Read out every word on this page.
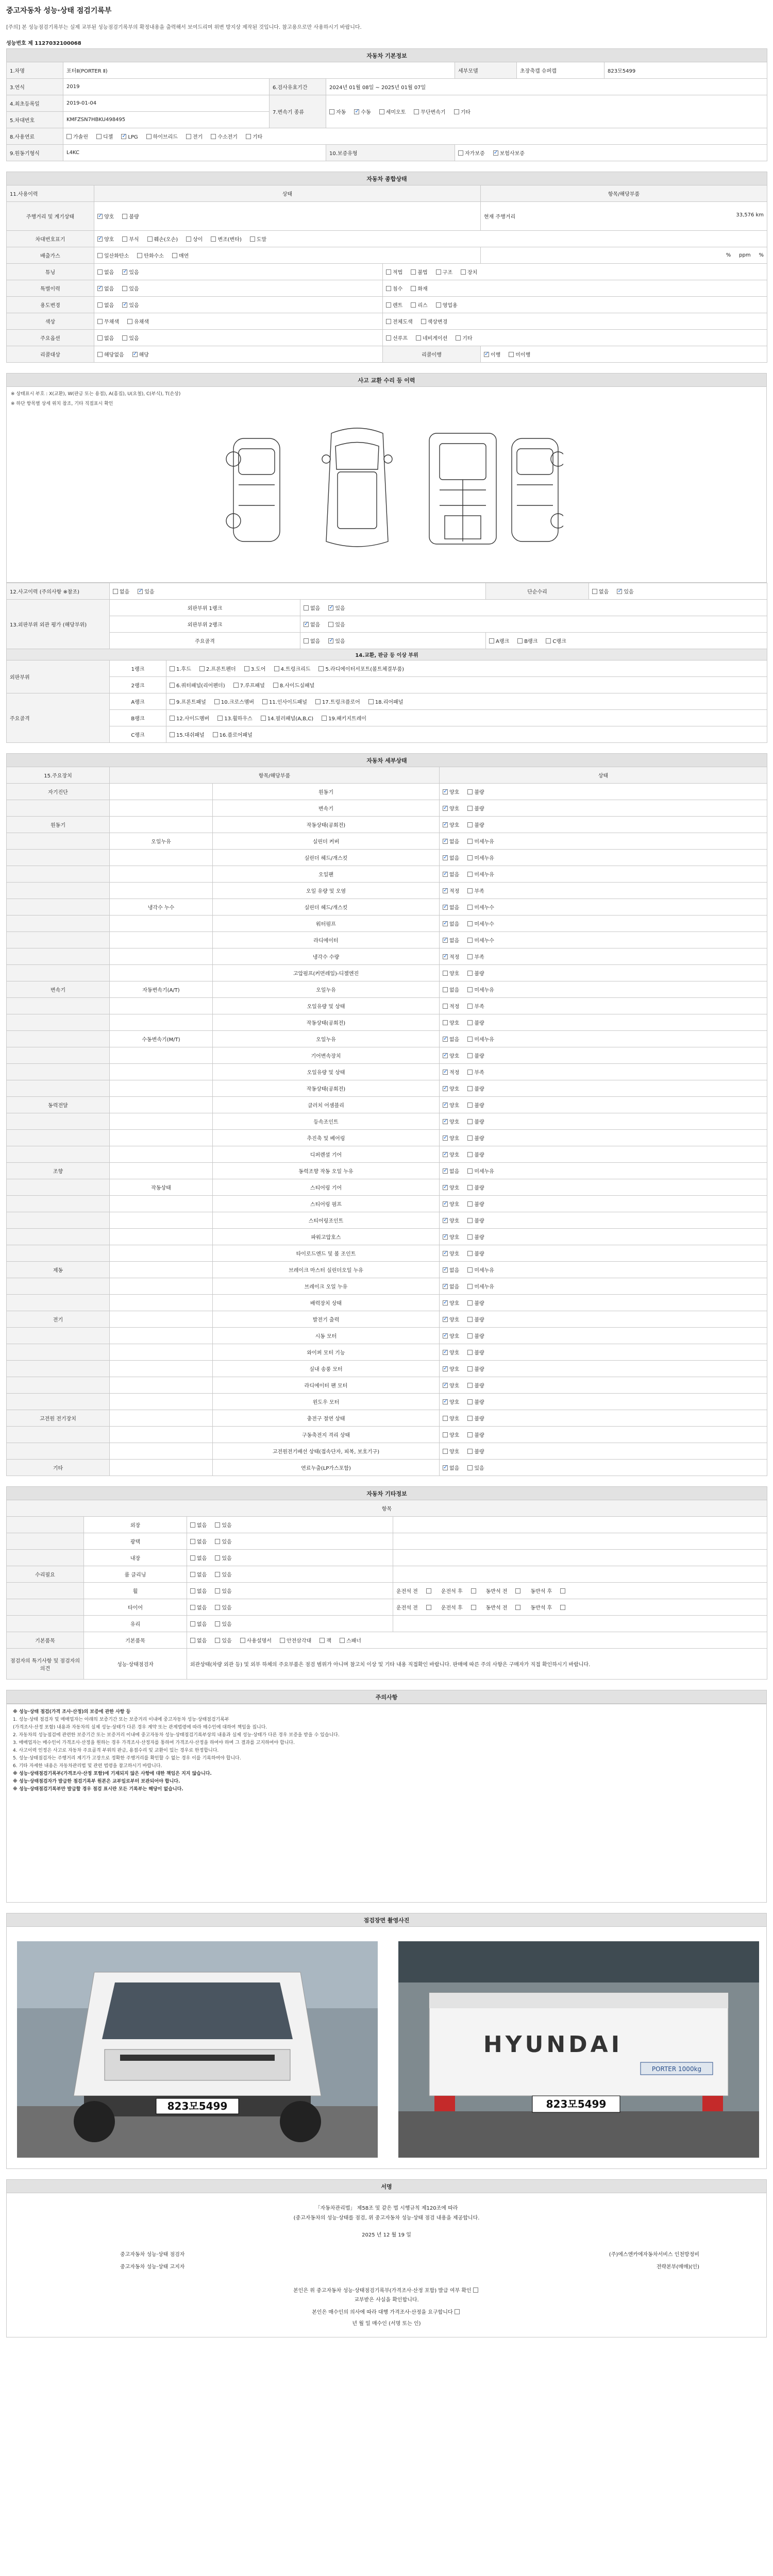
중고자동차 성능·상태 점검기록부
[주의] 본 성능점검기록부는 실제 교부된 성능점검기록부의 확정내용을 출력해서 보여드리며 위변 방지상 제작된 것입니다. 참고용으로만 사용하시기 바랍니다.
성능번호 제 1127032100068
자동차 기본정보						
1.차명	포터Ⅱ(PORTER Ⅱ)			세부모델	초장축캡 슈퍼캡	823모5499
3.연식	2019	6.검사유효기간	2024년 01월 08일 ~ 2025년 01월 07일			
4.최초등록일	2019-01-04	7.변속기 종류	자동 ✓ 수동 세미오토 무단변속기 기타
5.차대번호	KMFZSN7HBKU498495					
8.사용연료	가솔린 디젤 ✓ LPG 하이브리드 전기 수소전기 기타
9.원동기형식	L4KC		10.보증유형	자가보증 ✓ 보험사보증
자동차 종합상태			
11.사용이력	상태		항목/해당부품
주행거리 및 계기상태	✓양호 불량		현재 주행거리 33,576 km

차대번호표기	✓양호 부식 훼손(오손) 상이 변조(변타) 도말
배출가스	일산화탄소 탄화수소 매연		% ppm %
튜닝	없음 ✓ 있음	적법 불법 구조 장치	
특별이력	✓없음 있음	침수 화재	
용도변경	없음 ✓ 있음	렌트 리스 영업용	
색상	무채색 유채색	전체도색 색상변경	
주요옵션	없음 있음	선루프 네비게이션 기타	
리콜대상	해당없음 ✓ 해당	리콜이행	✓이행 미이행
사고 교환 수리 등 이력
※ 상태표시 부호 : X(교환), W(판금 또는 용접), A(흠집), U(요철), C(부식), T(손상)
※ 하단 항목별 상세 위치 참조, 기타 직접표시 확인
12.사고이력 (주의사항 ※참조)	없음 ✓ 있음			단순수리	없음 ✓ 있음
13.외판부위 외관 평가 (해당부위)	외판부위 1랭크		없음 ✓ 있음
	외판부위 2랭크	✓없음 있음
	주요골격		없음 ✓ 있음	A랭크 B랭크 C랭크	
14.교환, 판금 등 이상 부위					
외판부위	1랭크	1.후드 2.프론트펜더 3.도어 4.트렁크리드 5.라디에이터서포트(볼트체결부품)			
	2랭크	6.쿼터패널(리어펜더) 7.루프패널 8.사이드실패널			
주요골격	A랭크	9.프론트패널 10.크로스멤버 11.인사이드패널 17.트렁크플로어 18.리어패널			
	B랭크	12.사이드멤버 13.휠하우스 14.필러패널(A,B,C) 19.패키지트레이			
	C랭크	15.대쉬패널 16.플로어패널			
자동차 세부상태			
15.주요장치	항목/해당부품		상태
자기진단		원동기	✓양호 불량
		변속기	✓양호 불량
원동기		작동상태(공회전)	✓양호 불량
	오일누유	실린더 커버	✓없음 미세누유
		실린더 헤드/개스킷	✓없음 미세누유
		오일팬	✓없음 미세누유
		오일 유량 및 오염	✓적정 부족
	냉각수 누수	실린더 헤드/개스킷	✓없음 미세누수
		워터펌프	✓없음 미세누수
		라디에이터	✓없음 미세누수
		냉각수 수량	✓적정 부족
		고압펌프(커먼레일)-디젤엔진	양호 불량
변속기	자동변속기(A/T)	오일누유	없음 미세누유
		오일유량 및 상태	적정 부족
		작동상태(공회전)	양호 불량
	수동변속기(M/T)	오일누유	✓없음 미세누유
		기어변속장치	✓양호 불량
		오일유량 및 상태	✓적정 부족
		작동상태(공회전)	✓양호 불량
동력전달		클러치 어셈블리	✓양호 불량
		등속조인트	✓양호 불량
		추진축 및 베어링	✓양호 불량
		디퍼렌셜 기어	✓양호 불량
조향		동력조향 작동 오일 누유	✓없음 미세누유
	작동상태	스티어링 기어	✓양호 불량
		스티어링 펌프	✓양호 불량
		스티어링조인트	✓양호 불량
		파워고압호스	✓양호 불량
		타이로드엔드 및 볼 조인트	✓양호 불량
제동		브레이크 마스터 실린더오일 누유	✓없음 미세누유
		브레이크 오일 누유	✓없음 미세누유
		배력장치 상태	✓양호 불량
전기		발전기 출력	✓양호 불량
		시동 모터	✓양호 불량
		와이퍼 모터 기능	✓양호 불량
		실내 송풍 모터	✓양호 불량
		라디에이터 팬 모터	✓양호 불량
		윈도우 모터	✓양호 불량
고전원 전기장치		충전구 절연 상태	양호 불량
		구동축전지 격리 상태	양호 불량
		고전원전기배선 상태(접속단자, 피복, 보호기구)	양호 불량
기타		연료누출(LP가스포함)	✓없음 있음
자동차 기타정보			
항목			
	외장	없음 있음	
	광택	없음 있음	
	내장	없음 있음	
수리필요	룸 클리닝	없음 있음	
	휠	없음 있음	운전석 전 운전석 후 동반석 전 동반석 후
	타이어	없음 있음	운전석 전 운전석 후 동반석 전 동반석 후
	유리	없음 있음	
기본품목	기본품목	없음 있음 사용설명서 안전삼각대 잭 스패너	
점검자의 특기사항 및 점검자의 의견	성능·상태점검자	외관상태(차량 외관 등) 및 외부 하체의 주요부품은 점검 범위가 아니며 참고치 이상 및 기타 내용 직접확인 바랍니다. 판매에 따른 주의 사항은 구매자가 직접 확인하시기 바랍니다.	
주의사항

※ 성능·상태 점검(가격 조사·산정)의 보증에 관한 사항 등

1. 성능·상태 점검자 및 매매업자는 아래의 보증기간 또는 보증거리 이내에 중고자동차 성능·상태점검기록부

(가격조사·산정 포함) 내용과 자동차의 실제 성능·상태가 다른 경우 계약 또는 관계법령에 따라 매수인에 대하여 책임을 집니다.

2. 자동차의 성능점검에 관련한 보증기간 또는 보증거리 이내에 중고자동차 성능·상태점검기록부상의 내용과 실제 성능·상태가 다른 경우 보증을 받을 수 있습니다.

3. 매매업자는 매수인이 가격조사·산정을 원하는 경우 가격조사·산정자를 통하여 가격조사·산정을 하여야 하며 그 결과를 고지하여야 합니다.

4. 사고이력 인정은 사고로 자동차 주요골격 부위의 판금, 용접수리 및 교환이 있는 경우로 한정합니다.

5. 성능·상태점검자는 주행거리 계기가 고장으로 정확한 주행거리를 확인할 수 없는 경우 이를 기록하여야 합니다.

6. 기타 자세한 내용은 자동차관리법 및 관련 법령을 참고하시기 바랍니다.

※ 성능·상태점검기록부(가격조사·산정 포함)에 기재되지 않은 사항에 대한 책임은 지지 않습니다.

※ 성능·상태점검자가 발급한 점검기록부 원본은 교부일로부터 보관되어야 합니다.

※ 성능·상태점검기록부만 발급할 경우 점검 표시란 모든 기록부는 해당이 없습니다.

점검장면 촬영사진
823모5499
HYUNDAI
PORTER 1000kg
823모5499
서명
「자동차관리법」 제58조 및 같은 법 시행규칙 제120조에 따라
(중고자동차의 성능·상태를 점검, 위 중고자동차 성능·상태 점검 내용을 제공합니다.
2025 년 12 월 19 일
중고자동차 성능·상태 점검자	(주)에스엔카에자동차서비스 인천방정비
중고자동차 성능·상태 고지자	전략본부(매매)(인)
본인은 위 중고자동차 성능·상태점검기록부(가격조사·산정 포함) 발급 여부 확인
교부받은 사실을 확인합니다.
본인은 매수인의 의사에 따라 대행 가격조사·산정을 요구합니다
년 월 일 매수인 (서명 또는 인)
